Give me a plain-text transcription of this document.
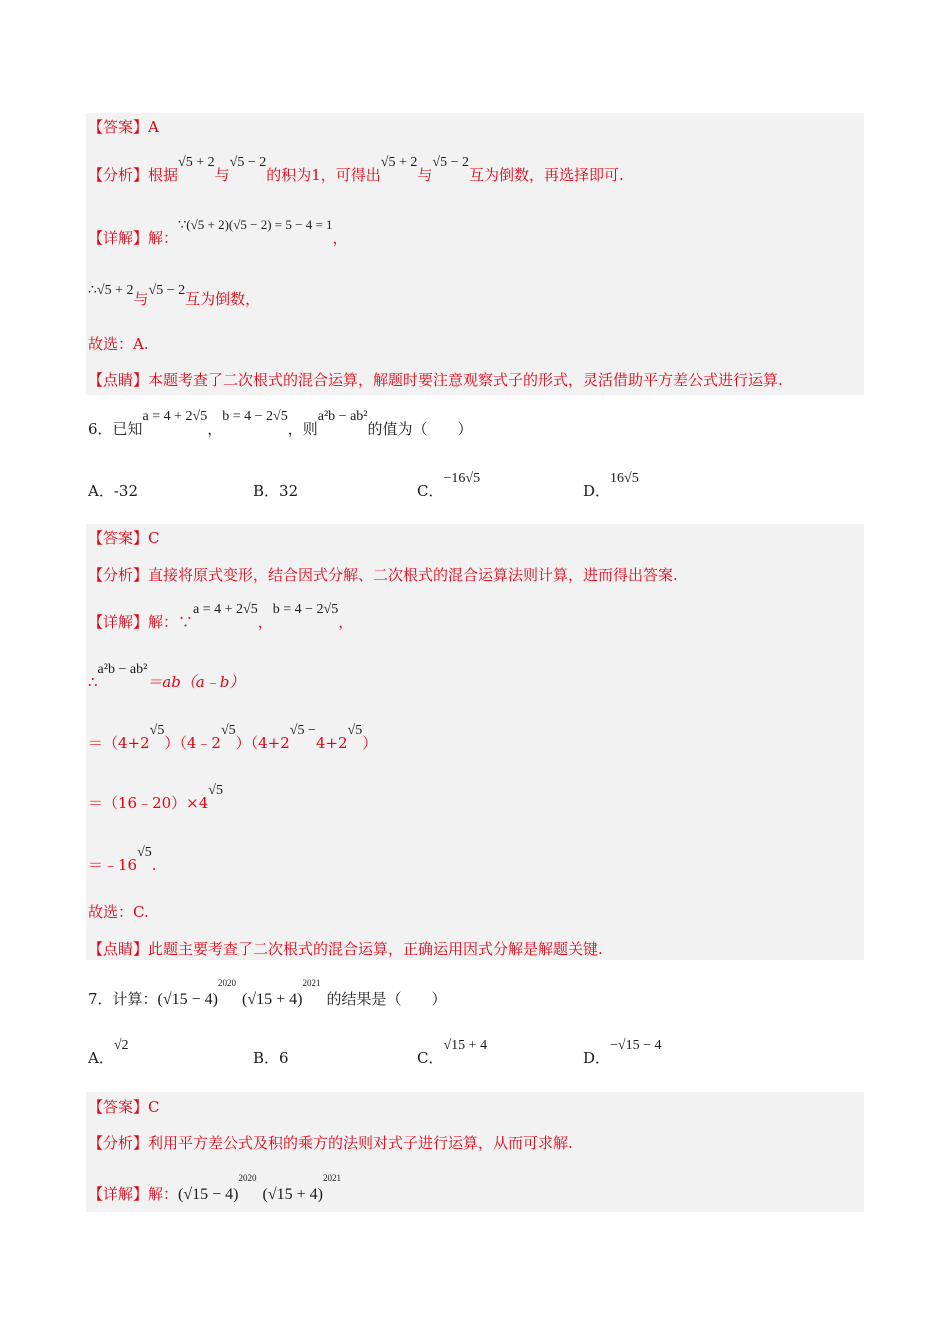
【答案】A
【分析】根据√5 + 2与√5 − 2的积为1，可得出√5 + 2与√5 − 2互为倒数，再选择即可.
【详解】解：∵(√5 + 2)(√5 − 2) = 5 − 4 = 1，
∴√5 + 2与√5 − 2互为倒数，
故选：A.
【点睛】本题考查了二次根式的混合运算，解题时要注意观察式子的形式，灵活借助平方差公式进行运算.
6．已知a = 4 + 2√5，b = 4 − 2√5，则a²b − ab²的值为（　　）
A．-32	B．32	C．−16√5
D．16√5
【答案】C
【分析】直接将原式变形，结合因式分解、二次根式的混合运算法则计算，进而得出答案.
【详解】解：∵a = 4 + 2√5，b = 4 − 2√5，
∴a²b − ab²＝ab（a﹣b）
＝（4+2√5）（4﹣2√5）（4+2√5 −4+2√5）
＝（16﹣20）×4√5
＝﹣16√5.
故选：C.
【点睛】此题主要考查了二次根式的混合运算，正确运用因式分解是解题关键.
7．计算：$(√15 - 4)^{2020}(√15 + 4)^{2021}$的结果是（　　）
A．√2
B．6	C．√15 + 4
D．−√15 − 4
【答案】C
【分析】利用平方差公式及积的乘方的法则对式子进行运算，从而可求解.
【详解】解：$(√15 - 4)^{2020}(√15 + 4)^{2021}$
